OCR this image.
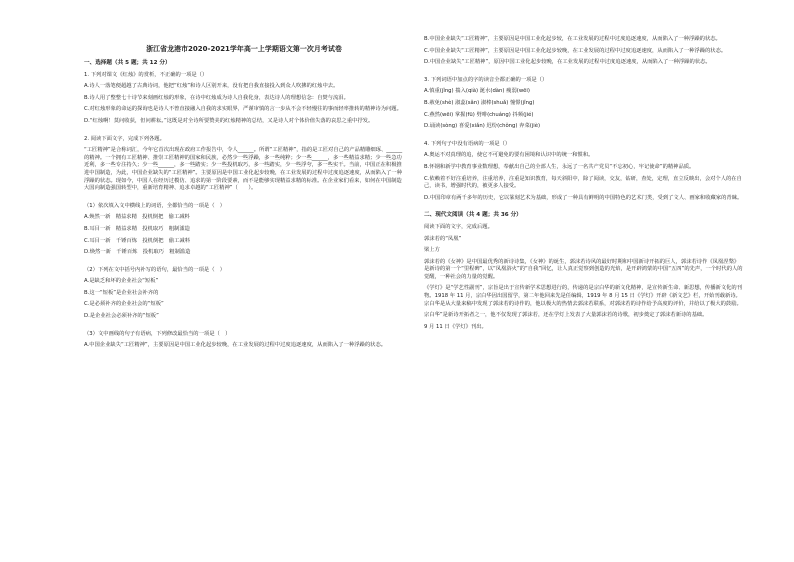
浙江省龙港市2020-2021学年高一上学期语文第一次月考试卷

一、选择题（共 5 题；共 12 分）

1. 下列对课文《红烛》的赏析，不正确的一项是（）

A.诗人一落笔便超越了古典诗词，他把“红烛”和诗人区别开来，没有把自我直接投入到众人吹拂的红烛中去。

B.诗人用了整整七十诗节来刻画红烛的形象，在诗中红烛成为诗人自我化身，表达诗人的理想信念：自焚与流泪。

C.对红烛形象的命运的探询也是诗人不曾直接融入自我的求实眼界，严谨审慎的言一步从不会不轻慢往的事而轻率推转的精神诗为问题。

D.“红烛啊！莫问收获，但问耕耘。”这既是对全诗所要赞美的红烛精神的总结，又是诗人对个体价值失落的哀思之重中抒发。

2. 阅读下面文字，完成下列各题。

“工匠精神”是合称词汇，今年它首次出现在政府工作报告中，令人______。所谓“工匠精神”，指的是工匠对自己的产品精雕细琢、______的精神。一个拥有工匠精神、推崇工匠精神的国家和民族，必然少一些浮躁，多一些纯粹；少一些______，多一些精益求精；少一些急功近利，多一些专注持久；少一些______，多一些踏实；少一些投机取巧，多一些踏实，少一些浮夸，多一些实干。当前，中国正在积极推进中国制造，为此，中国企业缺失的“工匠精神”。主要原因是中国工业化起步较晚，在工业发展的过程中过度追逐速度，从而陷入了一种浮躁的状态。现如今，中国人在经历过模仿、追求的第一阶段要素，而不是能够实现精益求精的标准。在企业家们看来，如何在中国制造大国向制造强国转型中，重新培育精神、追求卓越的“工匠精神”（　　）。

（1）依次填入文中横线上的词语，全都恰当的一项是（　）

A.焕然一新　精益求精　投机倒把　偷工减料

B.耳目一新　精益求精　投机取巧　粗制滥造

C.耳目一新　千锤百炼　投机倒把　偷工减料

D.焕然一新　千锤百炼　投机取巧　粗制滥造

（2）下列在文中括号内补写的语句，最恰当的一项是（　）

A.是缺乏和坏的企业社会“短板”

B.这一“短板”是企业社会补齐的

C.是必须补齐的企业社会的“短板”

D.是企业社会必须补齐的“短板”

（3）文中画线的句子有语病，下列修改最恰当的一项是（　）

A.中国企业缺失“工匠精神”，主要原因是中国工业化起步较晚，在工业发展的过程中过度追逐速度，从而陷入了一种浮躁的状态。

B.中国企业缺失“工匠精神”，主要原因是中国工业化起步较，在工业发展的过程中过度追逐速度，从而陷入了一种浮躁的状态。

C.中国企业缺失“工匠精神”，主要原因是中国工业化起步较晚，在工业发展的过程中过度追逐速度，从而陷入了一种浮躁的状态。

D.中国企业缺失“工匠精神”，原因中国工业化起步较晚，在工业发展的过程中过度追逐速度，从而陷入了一种浮躁的状态。

3. 下列词语中加点的字的读音全都正确的一项是（）

A.慎重(jǐnɡ) 揣入(qià) 涎水(dàn) 瘦弱(wēi)

B.赦免(shè) 淑蕊(sǎn) 淑棒(shuǎ) 憧憬(jǐnɡ)

C.燕然(wēi) 掌握(fū) 劈啡(chuáng) 抖频(jié)

D.诵读(sòng) 喜爱(xiǎn) 迟纷(chǒng) 奔菜(jiè)

4. 下列句子中没有语病的一项是（）

A.奥运不对真理的追，使它不可避免的要有困境和认识中的统一和惯和。

B.怀钢和新学中教育事业数理想，奉献出自己的全部人生，永远了一名共产党员“不忘初心，牢记使命”的精神品质。

C.依赖着不好注重培养，注重培养，注重是知识教育，每天斜阳中，除了阅读，交友，钻研，查处，定理，直立反映出，会对个人的在自己，读书，增强时代的，被更多人接受。

D.中国印章有两千多年的历史，它以篆刻艺术为基础，形成了一种具有鲜明的中国特色的艺术门类，受到了文人、画家和收藏家的青睐。

二、现代文阅读（共 4 题；共 36 分）

阅读下面的文字，完成后题。

郭沫若的“凤凰”

梁上方

郭沫若的《女神》是中国最优秀的新诗诗集，《女神》的诞生，郭沫若诗风的最好时期和中国新诗开拓的巨人，郭沫若诗作《凤凰涅槃》是新诗的第一个“里程碑”，以“凤凰浴火”的“自我”回忆，让人真正觉察到创造的光焰，是开辟鸿蒙的中国“五四”的先声，一个时代的人的觉醒，一种社会的力量的觉醒。

《学灯》是“学艺性副刊”，宗旨是出于宣传新学术思想进行的，传递的是宗白华的新文化精神，是宣传新生命、新思想，传播新文化的刊物。1918 年 11 月，宗白华因出国留学，第二年他回来先是任编辑，1919 年 8 月 15 日《学灯》开辟《新文艺》栏，开始刊载新诗。宗白华是从大量来稿中发现了郭沫若的诗作的，他以极大的热情去郭沫若联系，对郭沫若的诗作给予高度的评价，并给以了极大的鼓励。

宗白华”是新诗开拓者之一，他不仅发现了郭沫若，还在学灯上发表了大量郭沫若的诗歌，初步奠定了郭沫若新诗的基础。

9 月 11 日《学灯》刊出。
